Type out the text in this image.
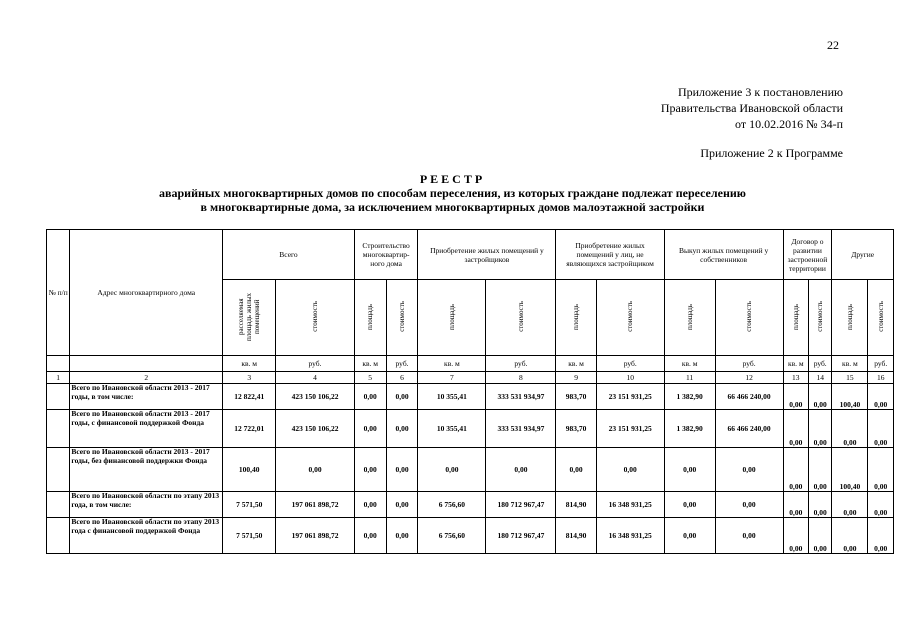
22
Приложение 3 к постановлению
Правительства Ивановской области
от 10.02.2016 № 34-п
Приложение 2 к Программе
РЕЕСТР
аварийных многоквартирных домов по способам переселения, из которых граждане подлежат переселению
в многоквартирные дома, за исключением многоквартирных домов малоэтажной застройки
№ п/п	Адрес многоквартирного дома	Всего		Строительство многоквартир-ного дома		Приобретение жилых помещений у застройщиков		Приобретение жилых помещений у лиц, не являющихся застройщиком		Выкуп жилых помещений у собственников		Договор о развитии застроенной территории		Другие	
		расселяемая площадь жилых помещений	стоимость	площадь	стоимость	площадь	стоимость	площадь	стоимость	площадь	стоимость	площадь	стоимость	площадь	стоимость
		кв. м	руб.	кв. м	руб.	кв. м	руб.	кв. м	руб.	кв. м	руб.	кв. м	руб.	кв. м	руб.
1	2	3	4	5	6	7	8	9	10	11	12	13	14	15	16
	Всего по Ивановской области 2013 - 2017 годы, в том числе:	12 822,41	423 150 106,22	0,00	0,00	10 355,41	333 531 934,97	983,70	23 151 931,25	1 382,90	66 466 240,00	0,00	0,00	100,40	0,00
	Всего по Ивановской области 2013 - 2017 годы, с финансовой поддержкой Фонда	12 722,01	423 150 106,22	0,00	0,00	10 355,41	333 531 934,97	983,70	23 151 931,25	1 382,90	66 466 240,00	0,00	0,00	0,00	0,00
	Всего по Ивановской области 2013 - 2017 годы, без финансовой поддержки Фонда	100,40	0,00	0,00	0,00	0,00	0,00	0,00	0,00	0,00	0,00	0,00	0,00	100,40	0,00
	Всего по Ивановской области по этапу 2013 года, в том числе:	7 571,50	197 061 898,72	0,00	0,00	6 756,60	180 712 967,47	814,90	16 348 931,25	0,00	0,00	0,00	0,00	0,00	0,00
	Всего по Ивановской области по этапу 2013 года с финансовой поддержкой Фонда	7 571,50	197 061 898,72	0,00	0,00	6 756,60	180 712 967,47	814,90	16 348 931,25	0,00	0,00	0,00	0,00	0,00	0,00
